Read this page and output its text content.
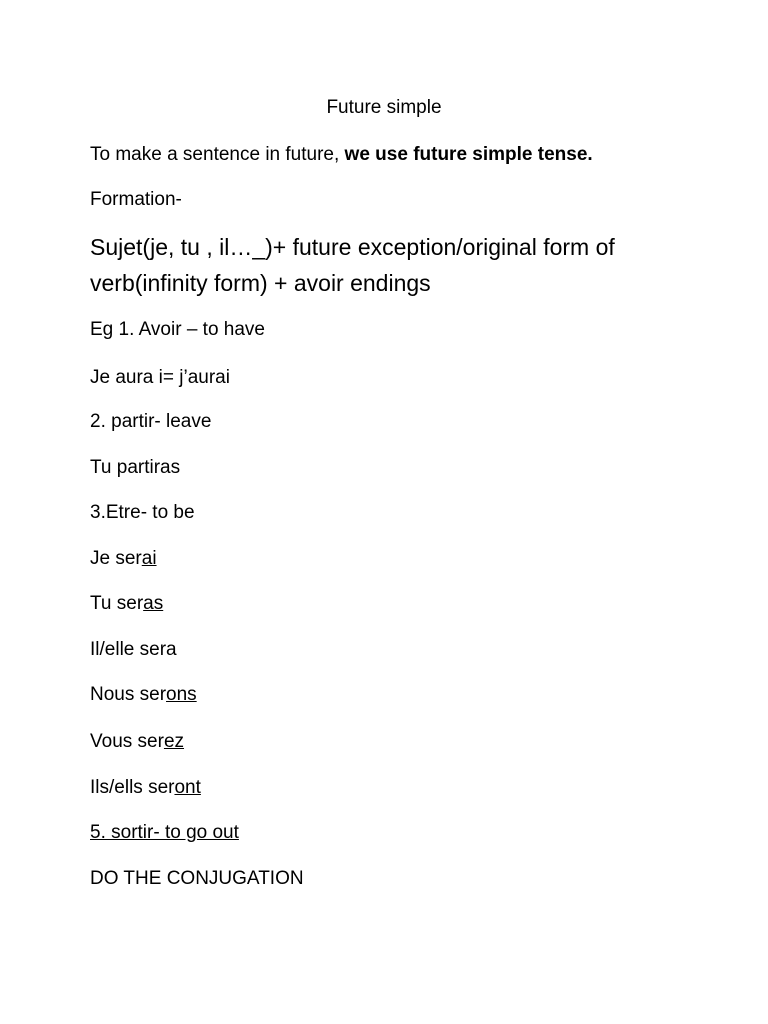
Future simple
To make a sentence in future, we use future simple tense.
Formation-
Sujet(je, tu , il…_)+ future exception/original form of
verb(infinity form) + avoir endings
Eg 1. Avoir – to have
Je aura i= j’aurai
2. partir- leave
Tu partiras
3.Etre- to be
Je serai
Tu seras
Il/elle sera
Nous serons
Vous serez
Ils/ells seront
5. sortir- to go out
DO THE CONJUGATION
